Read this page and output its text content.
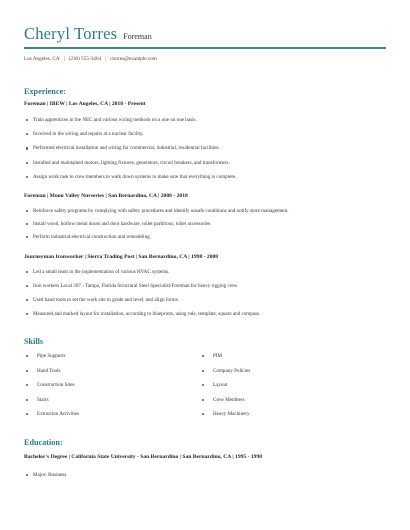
Cheryl Torres Foreman
Los Angeles, CA | (230) 555-3464 | ctorres@example.com
Experience:
Foreman | IBEW | Los Angeles, CA | 2018 - Present
Train apprentices in the NEC and various wiring methods on a one on one basis.
Involved in the wiring and repairs at a nuclear facility.
Performed electrical installation and wiring for commercial, industrial, residential facilities.
Installed and maintained motors, lighting fixtures, generators, circuit breakers, and transformers.
Assign work task to crew members to walk down systems to make sure that everything is complete.
Foreman | Moon Valley Nurseries | San Bernardino, CA | 2008 - 2018
Reinforce safety programs by complying with safety procedures and identify unsafe conditions and notify store management.
Install wood, hollow metal doors and door hardware, toilet partitions, toilet accessories
Perform industrial electrical construction and remodeling.
Journeyman Ironworker | Sierra Trading Post | San Bernardino, CA | 1998 - 2008
Led a small team in the implementation of various HVAC systems.
Iron workers Local 397 - Tampa, Florida Structural Steel Specialist/Foreman for heavy rigging crew
Used hand tools to set the work site to grade and level, and align forms.
Measured and marked layout for installation, according to blueprints, using rule, template, square and compass.
Skills
Pipe Supports
Hand Tools
Construction Sites
Stairs
Extraction Activities
PIM
Company Policies
Layout
Crew Members
Heavy Machinery
Education:
Bachelor's Degree | California State University - San Bernardino | San Bernardino, CA | 1995 - 1998
Major: Business
